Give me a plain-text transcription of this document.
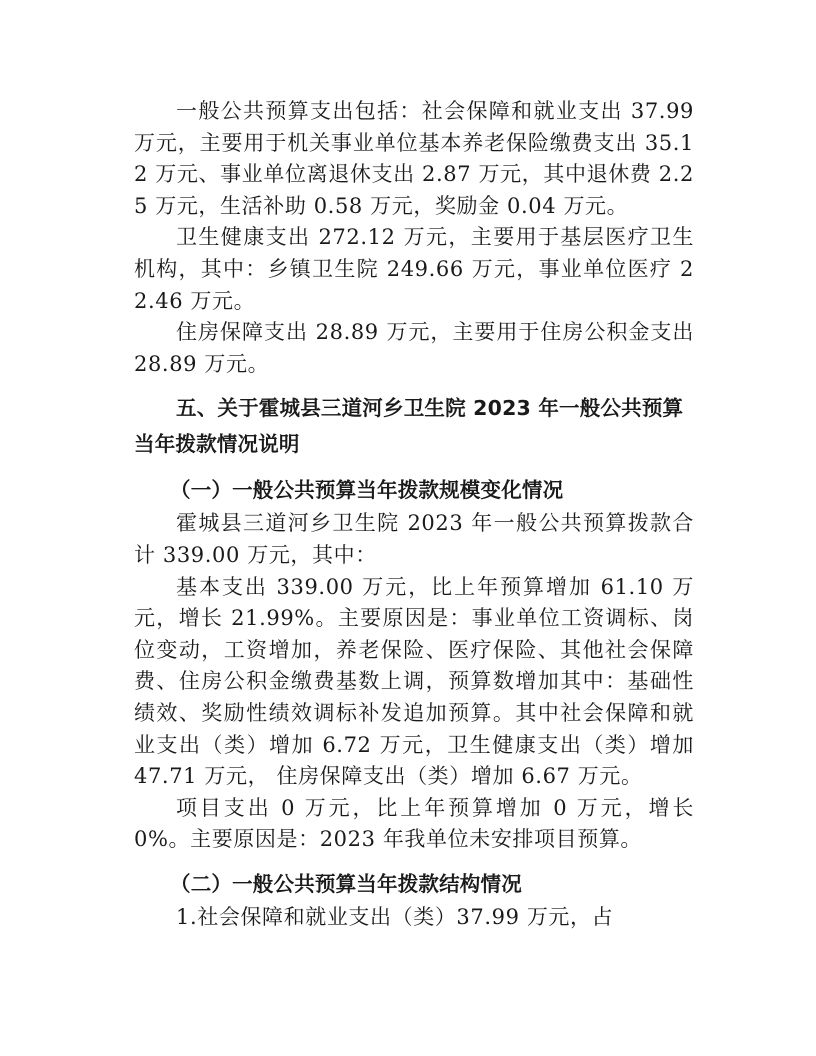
一般公共预算支出包括：社会保障和就业支出 37.99 万元，主要用于机关事业单位基本养老保险缴费支出 35.12 万元、事业单位离退休支出 2.87 万元，其中退休费 2.25 万元，生活补助 0.58 万元，奖励金 0.04 万元。

卫生健康支出 272.12 万元，主要用于基层医疗卫生机构，其中：乡镇卫生院 249.66 万元，事业单位医疗 22.46 万元。

住房保障支出 28.89 万元，主要用于住房公积金支出 28.89 万元。

五、关于霍城县三道河乡卫生院 2023 年一般公共预算当年拨款情况说明

（一）一般公共预算当年拨款规模变化情况

霍城县三道河乡卫生院 2023 年一般公共预算拨款合计 339.00 万元，其中：

基本支出 339.00 万元，比上年预算增加 61.10 万元，增长 21.99%。主要原因是：事业单位工资调标、岗位变动，工资增加，养老保险、医疗保险、其他社会保障费、住房公积金缴费基数上调，预算数增加其中：基础性绩效、奖励性绩效调标补发追加预算。其中社会保障和就业支出（类）增加 6.72 万元，卫生健康支出（类）增加 47.71 万元， 住房保障支出（类）增加 6.67 万元。

项目支出 0 万元，比上年预算增加 0 万元，增长 0%。主要原因是：2023 年我单位未安排项目预算。

（二）一般公共预算当年拨款结构情况

1.社会保障和就业支出（类）37.99 万元，占
